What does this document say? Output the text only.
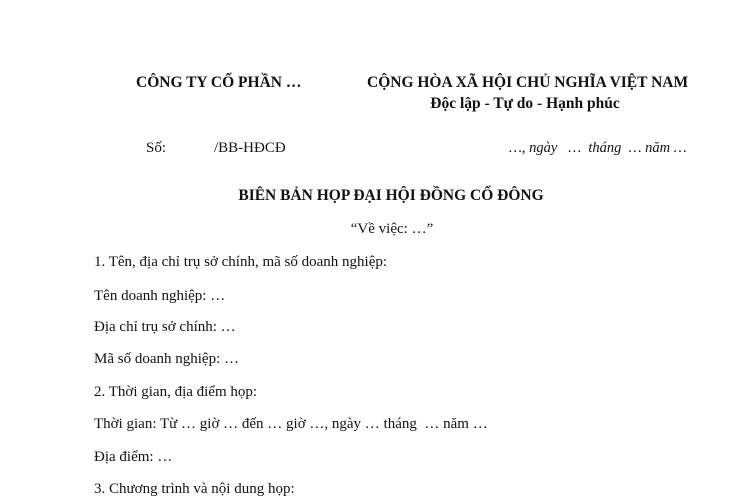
CÔNG TY CỔ PHẦN …	CỘNG HÒA XÃ HỘI CHỦ NGHĨA VIỆT NAM
Độc lập - Tự do - Hạnh phúc
Số:	/BB-HĐCĐ	…, ngày   …  tháng  … năm …
BIÊN BẢN HỌP ĐẠI HỘI ĐỒNG CỔ ĐÔNG
“Về việc: …”
1. Tên, địa chỉ trụ sở chính, mã số doanh nghiệp:
Tên doanh nghiệp: …
Địa chỉ trụ sở chính: …
Mã số doanh nghiệp: …
2. Thời gian, địa điểm họp:
Thời gian: Từ … giờ … đến … giờ …, ngày … tháng  … năm …
Địa điểm: …
3. Chương trình và nội dung họp:
